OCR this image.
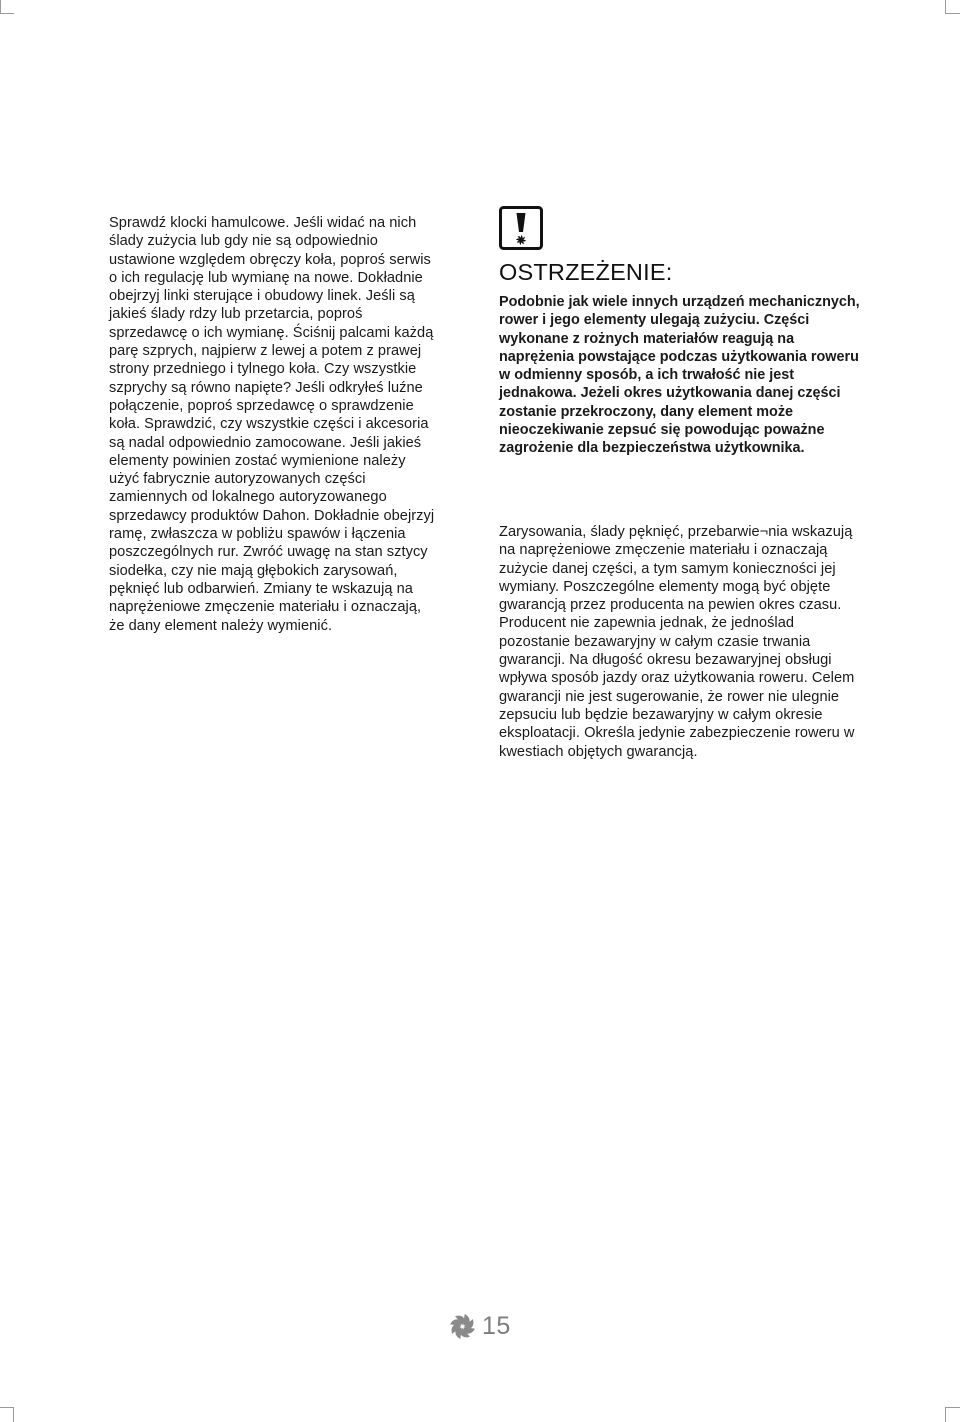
Sprawdź klocki hamulcowe. Jeśli widać na nich ślady zużycia lub gdy nie są odpowiednio ustawione względem obręczy koła, poproś serwis o ich regulację lub wymianę na nowe. Dokładnie obejrzyj linki sterujące i obudowy linek. Jeśli są jakieś ślady rdzy lub przetarcia, poproś sprzedawcę o ich wymianę. Ściśnij palcami każdą parę szprych, najpierw z lewej a potem z prawej strony przedniego i tylnego koła. Czy wszystkie szprychy są równo napięte? Jeśli odkryłeś luźne połączenie, poproś sprzedawcę o sprawdzenie koła. Sprawdzić, czy wszystkie części i akcesoria są nadal odpowiednio zamocowane. Jeśli jakieś elementy powinien zostać wymienione należy użyć fabrycznie autoryzowanych części zamiennych od lokalnego autoryzowanego sprzedawcy produktów Dahon. Dokładnie obejrzyj ramę, zwłaszcza w pobliżu spawów i łączenia poszczególnych rur. Zwróć uwagę na stan sztycy siodełka, czy nie mają głębokich zarysowań, pęknięć lub odbarwień. Zmiany te wskazują na naprężeniowe zmęczenie materiału i oznaczają, że dany element należy wymienić.

OSTRZEŻENIE:

Podobnie jak wiele innych urządzeń mechanicznych, rower i jego elementy ulegają zużyciu. Części wykonane z rożnych materiałów reagują na naprężenia powstające podczas użytkowania roweru w odmienny sposób, a ich trwałość nie jest jednakowa. Jeżeli okres użytkowania danej części zostanie przekroczony, dany element może nieoczekiwanie zepsuć się powodując poważne zagrożenie dla bezpieczeństwa użytkownika.

Zarysowania, ślady pęknięć, przebarwie¬nia wskazują na naprężeniowe zmęczenie materiału i oznaczają zużycie danej części, a tym samym konieczności jej wymiany. Poszczególne elementy mogą być objęte gwarancją przez producenta na pewien okres czasu. Producent nie zapewnia jednak, że jednoślad pozostanie bezawaryjny w całym czasie trwania gwarancji. Na długość okresu bezawaryjnej obsługi wpływa sposób jazdy oraz użytkowania roweru. Celem gwarancji nie jest sugerowanie, że rower nie ulegnie zepsuciu lub będzie bezawaryjny w całym okresie eksploatacji. Określa jedynie zabezpieczenie roweru w kwestiach objętych gwarancją.

15
